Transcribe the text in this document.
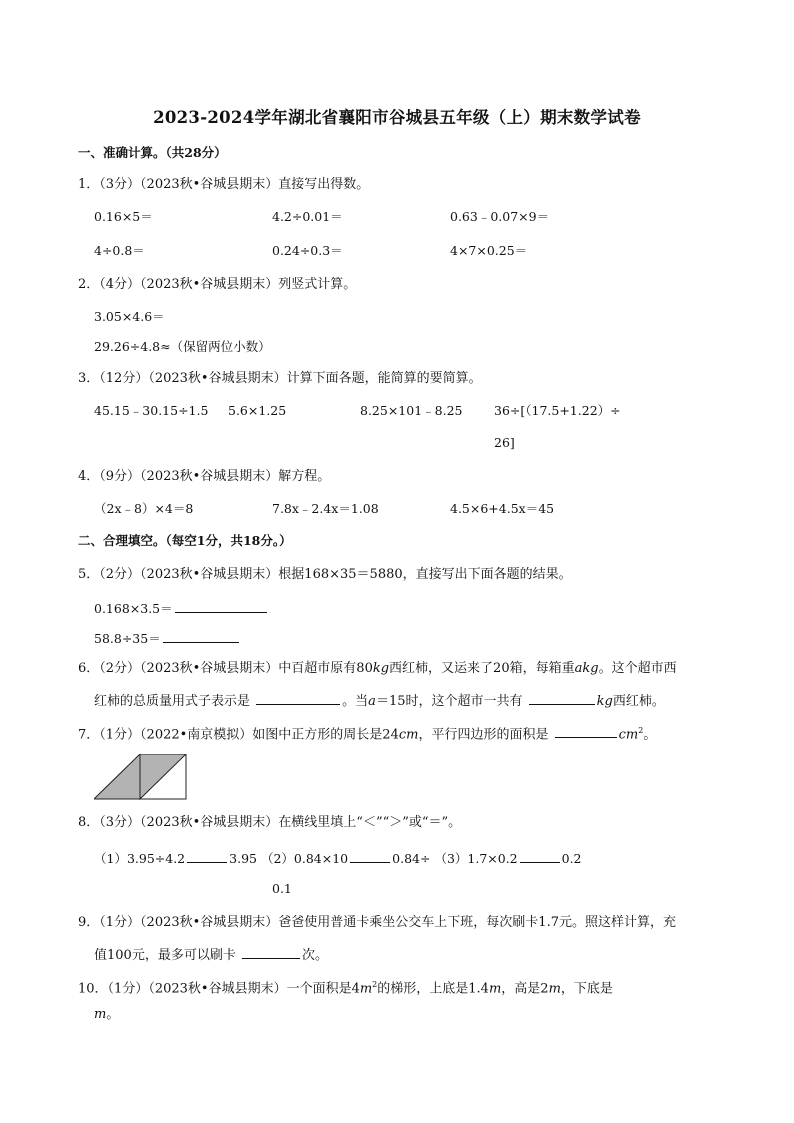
2023-2024学年湖北省襄阳市谷城县五年级（上）期末数学试卷
一、准确计算。（共28分）
1．（3分）（2023秋•谷城县期末）直接写出得数。
0.16×5＝	4.2÷0.01＝	0.63﹣0.07×9＝
4÷0.8＝	0.24÷0.3＝	4×7×0.25＝
2．（4分）（2023秋•谷城县期末）列竖式计算。
3.05×4.6＝
29.26÷4.8≈（保留两位小数）
3．（12分）（2023秋•谷城县期末）计算下面各题，能简算的要简算。
45.15﹣30.15÷1.5 5.6×1.25	8.25×101﹣8.25	36÷[（17.5+1.22）÷
26]
4．（9分）（2023秋•谷城县期末）解方程。
（2x﹣8）×4＝8	7.8x﹣2.4x＝1.08	4.5×6+4.5x＝45
二、合理填空。（每空1分，共18分。）
5．（2分）（2023秋•谷城县期末）根据168×35＝5880，直接写出下面各题的结果。
0.168×3.5＝
58.8÷35＝
6．（2分）（2023秋•谷城县期末）中百超市原有80kg西红柿，又运来了20箱，每箱重akg。这个超市西
红柿的总质量用式子表示是	。当a＝15时，这个超市一共有	kg西红柿。
7．（1分）（2022•南京模拟）如图中正方形的周长是24cm，平行四边形的面积是	$cm^2$。
8．（3分）（2023秋•谷城县期末）在横线里填上“＜”“＞”或“＝”。
（1）3.95÷4.2	3.95 （2）0.84×10	0.84÷ （3）1.7×0.2	0.2
0.1
9．（1分）（2023秋•谷城县期末）爸爸使用普通卡乘坐公交车上下班，每次刷卡1.7元。照这样计算，充
值100元，最多可以刷卡	次。
10．（1分）（2023秋•谷城县期末）一个面积是$4m^2$的梯形，上底是1.4m，高是2m，下底是
m。
